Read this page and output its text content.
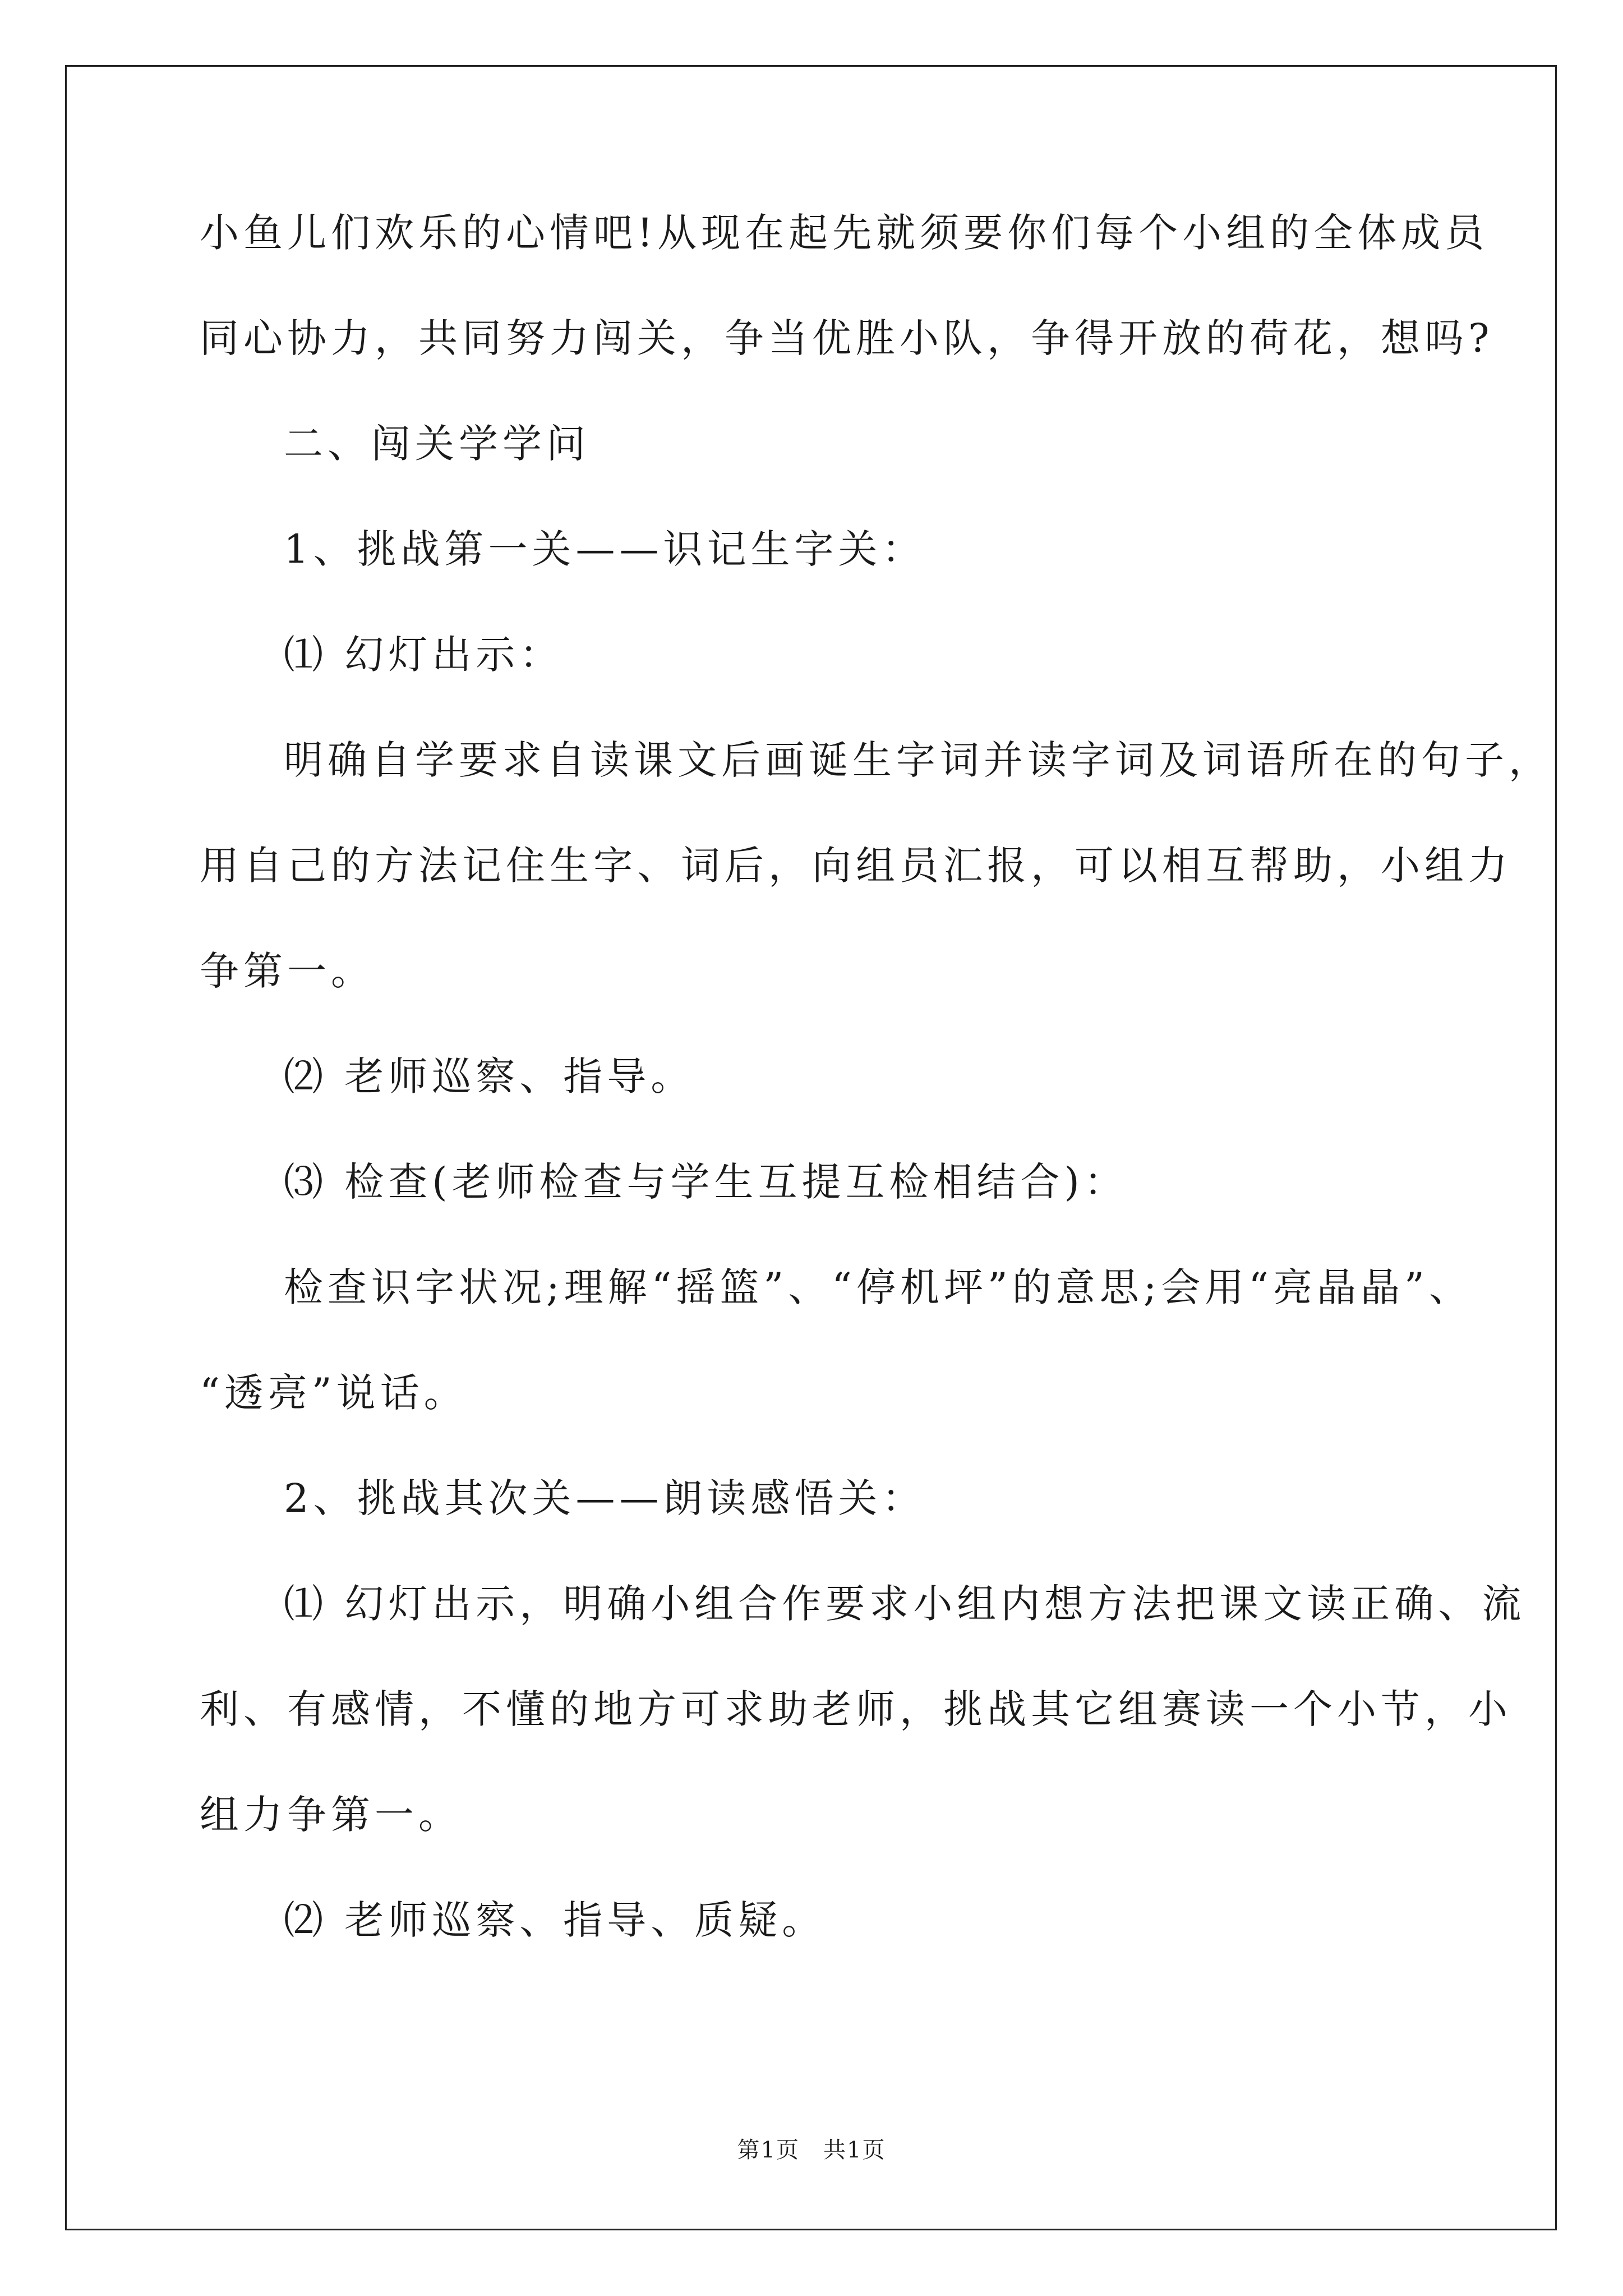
小鱼儿们欢乐的心情吧!从现在起先就须要你们每个小组的全体成员

同心协力，共同努力闯关，争当优胜小队，争得开放的荷花，想吗?

二、闯关学学问

1、挑战第一关——识记生字关：

⑴ 幻灯出示：

明确自学要求自读课文后画诞生字词并读字词及词语所在的句子，

用自己的方法记住生字、词后，向组员汇报，可以相互帮助，小组力

争第一。

⑵ 老师巡察、指导。

⑶ 检查(老师检查与学生互提互检相结合)：

检查识字状况;理解“摇篮”、“停机坪”的意思;会用“亮晶晶”、

“透亮”说话。

2、挑战其次关——朗读感悟关：

⑴ 幻灯出示，明确小组合作要求小组内想方法把课文读正确、流

利、有感情，不懂的地方可求助老师，挑战其它组赛读一个小节，小

组力争第一。

⑵ 老师巡察、指导、质疑。

第1页　共1页
